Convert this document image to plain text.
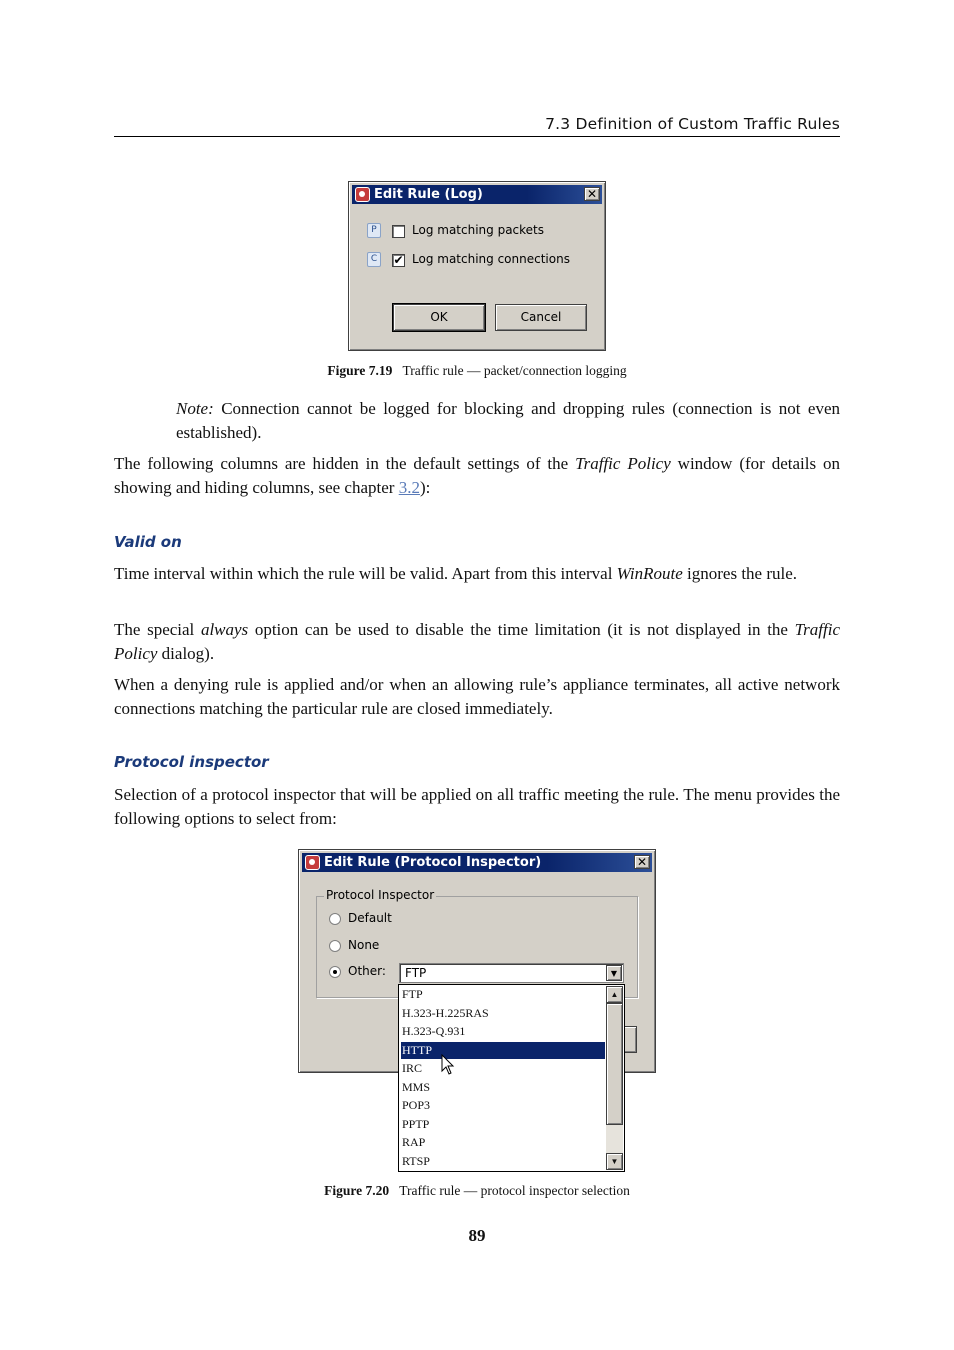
7.3 Definition of Custom Traffic Rules
Edit Rule (Log)	✕
P	Log matching packets
C	✔ Log matching connections
OK	Cancel
Figure 7.19 Traffic rule — packet/connection logging

Note: Connection cannot be logged for blocking and dropping rules (connection is not even established).

The following columns are hidden in the default settings of the Traffic Policy window (for details on showing and hiding columns, see chapter 3.2):

Valid on

Time interval within which the rule will be valid. Apart from this interval WinRoute ignores the rule.

The special always option can be used to disable the time limitation (it is not displayed in the Traffic Policy dialog).

When a denying rule is applied and/or when an allowing rule’s appliance terminates, all active network connections matching the particular rule are closed immediately.

Protocol inspector

Selection of a protocol inspector that will be applied on all traffic meeting the rule. The menu provides the following options to select from:

Edit Rule (Protocol Inspector)	✕
Protocol Inspector
Default
None
Other: FTP	▼
FTP
H.323-H.225RAS
H.323-Q.931
HTTP
IRC
MMS
POP3
PPTP
RAP
RTSP
▲
▼
Figure 7.20 Traffic rule — protocol inspector selection
89
